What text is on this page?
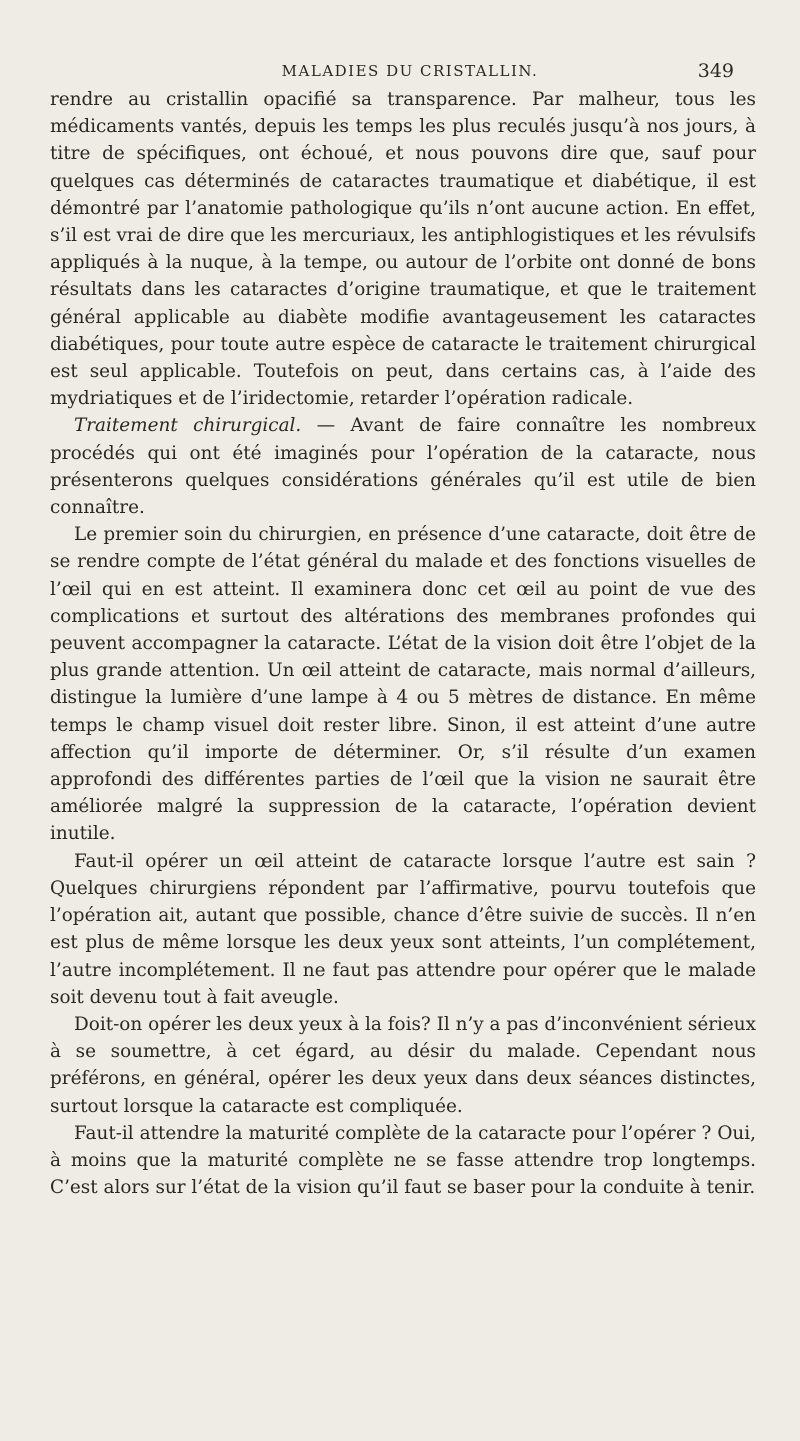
MALADIES DU CRISTALLIN.	349

rendre au cristallin opacifié sa transparence. Par malheur, tous les médicaments vantés, depuis les temps les plus reculés jusqu’à nos jours, à titre de spécifiques, ont échoué, et nous pouvons dire que, sauf pour quelques cas déterminés de cataractes traumatique et diabétique, il est démontré par l’anatomie pathologique qu’ils n’ont aucune action. En effet, s’il est vrai de dire que les mercuriaux, les antiphlogistiques et les révulsifs appliqués à la nuque, à la tempe, ou autour de l’orbite ont donné de bons résultats dans les cataractes d’origine traumatique, et que le traitement général applicable au diabète modifie avantageusement les cataractes diabétiques, pour toute autre espèce de cataracte le traitement chirurgical est seul applicable. Toutefois on peut, dans certains cas, à l’aide des mydriatiques et de l’iridectomie, retarder l’opération radicale.

Traitement chirurgical. — Avant de faire connaître les nombreux procédés qui ont été imaginés pour l’opération de la cataracte, nous présenterons quelques considérations générales qu’il est utile de bien connaître.

Le premier soin du chirurgien, en présence d’une cataracte, doit être de se rendre compte de l’état général du malade et des fonctions visuelles de l’œil qui en est atteint. Il examinera donc cet œil au point de vue des complications et surtout des altérations des membranes profondes qui peuvent accompagner la cataracte. L’état de la vision doit être l’objet de la plus grande attention. Un œil atteint de cataracte, mais normal d’ailleurs, distingue la lumière d’une lampe à 4 ou 5 mètres de distance. En même temps le champ visuel doit rester libre. Sinon, il est atteint d’une autre affection qu’il importe de déterminer. Or, s’il résulte d’un examen approfondi des différentes parties de l’œil que la vision ne saurait être améliorée malgré la suppression de la cataracte, l’opération devient inutile.

Faut-il opérer un œil atteint de cataracte lorsque l’autre est sain ? Quelques chirurgiens répondent par l’affirmative, pourvu toutefois que l’opération ait, autant que possible, chance d’être suivie de succès. Il n’en est plus de même lorsque les deux yeux sont atteints, l’un complétement, l’autre incomplétement. Il ne faut pas attendre pour opérer que le malade soit devenu tout à fait aveugle.

Doit-on opérer les deux yeux à la fois? Il n’y a pas d’inconvénient sérieux à se soumettre, à cet égard, au désir du malade. Cependant nous préférons, en général, opérer les deux yeux dans deux séances distinctes, surtout lorsque la cataracte est compliquée.

Faut-il attendre la maturité complète de la cataracte pour l’opérer ? Oui, à moins que la maturité complète ne se fasse attendre trop longtemps. C’est alors sur l’état de la vision qu’il faut se baser pour la conduite à tenir.
